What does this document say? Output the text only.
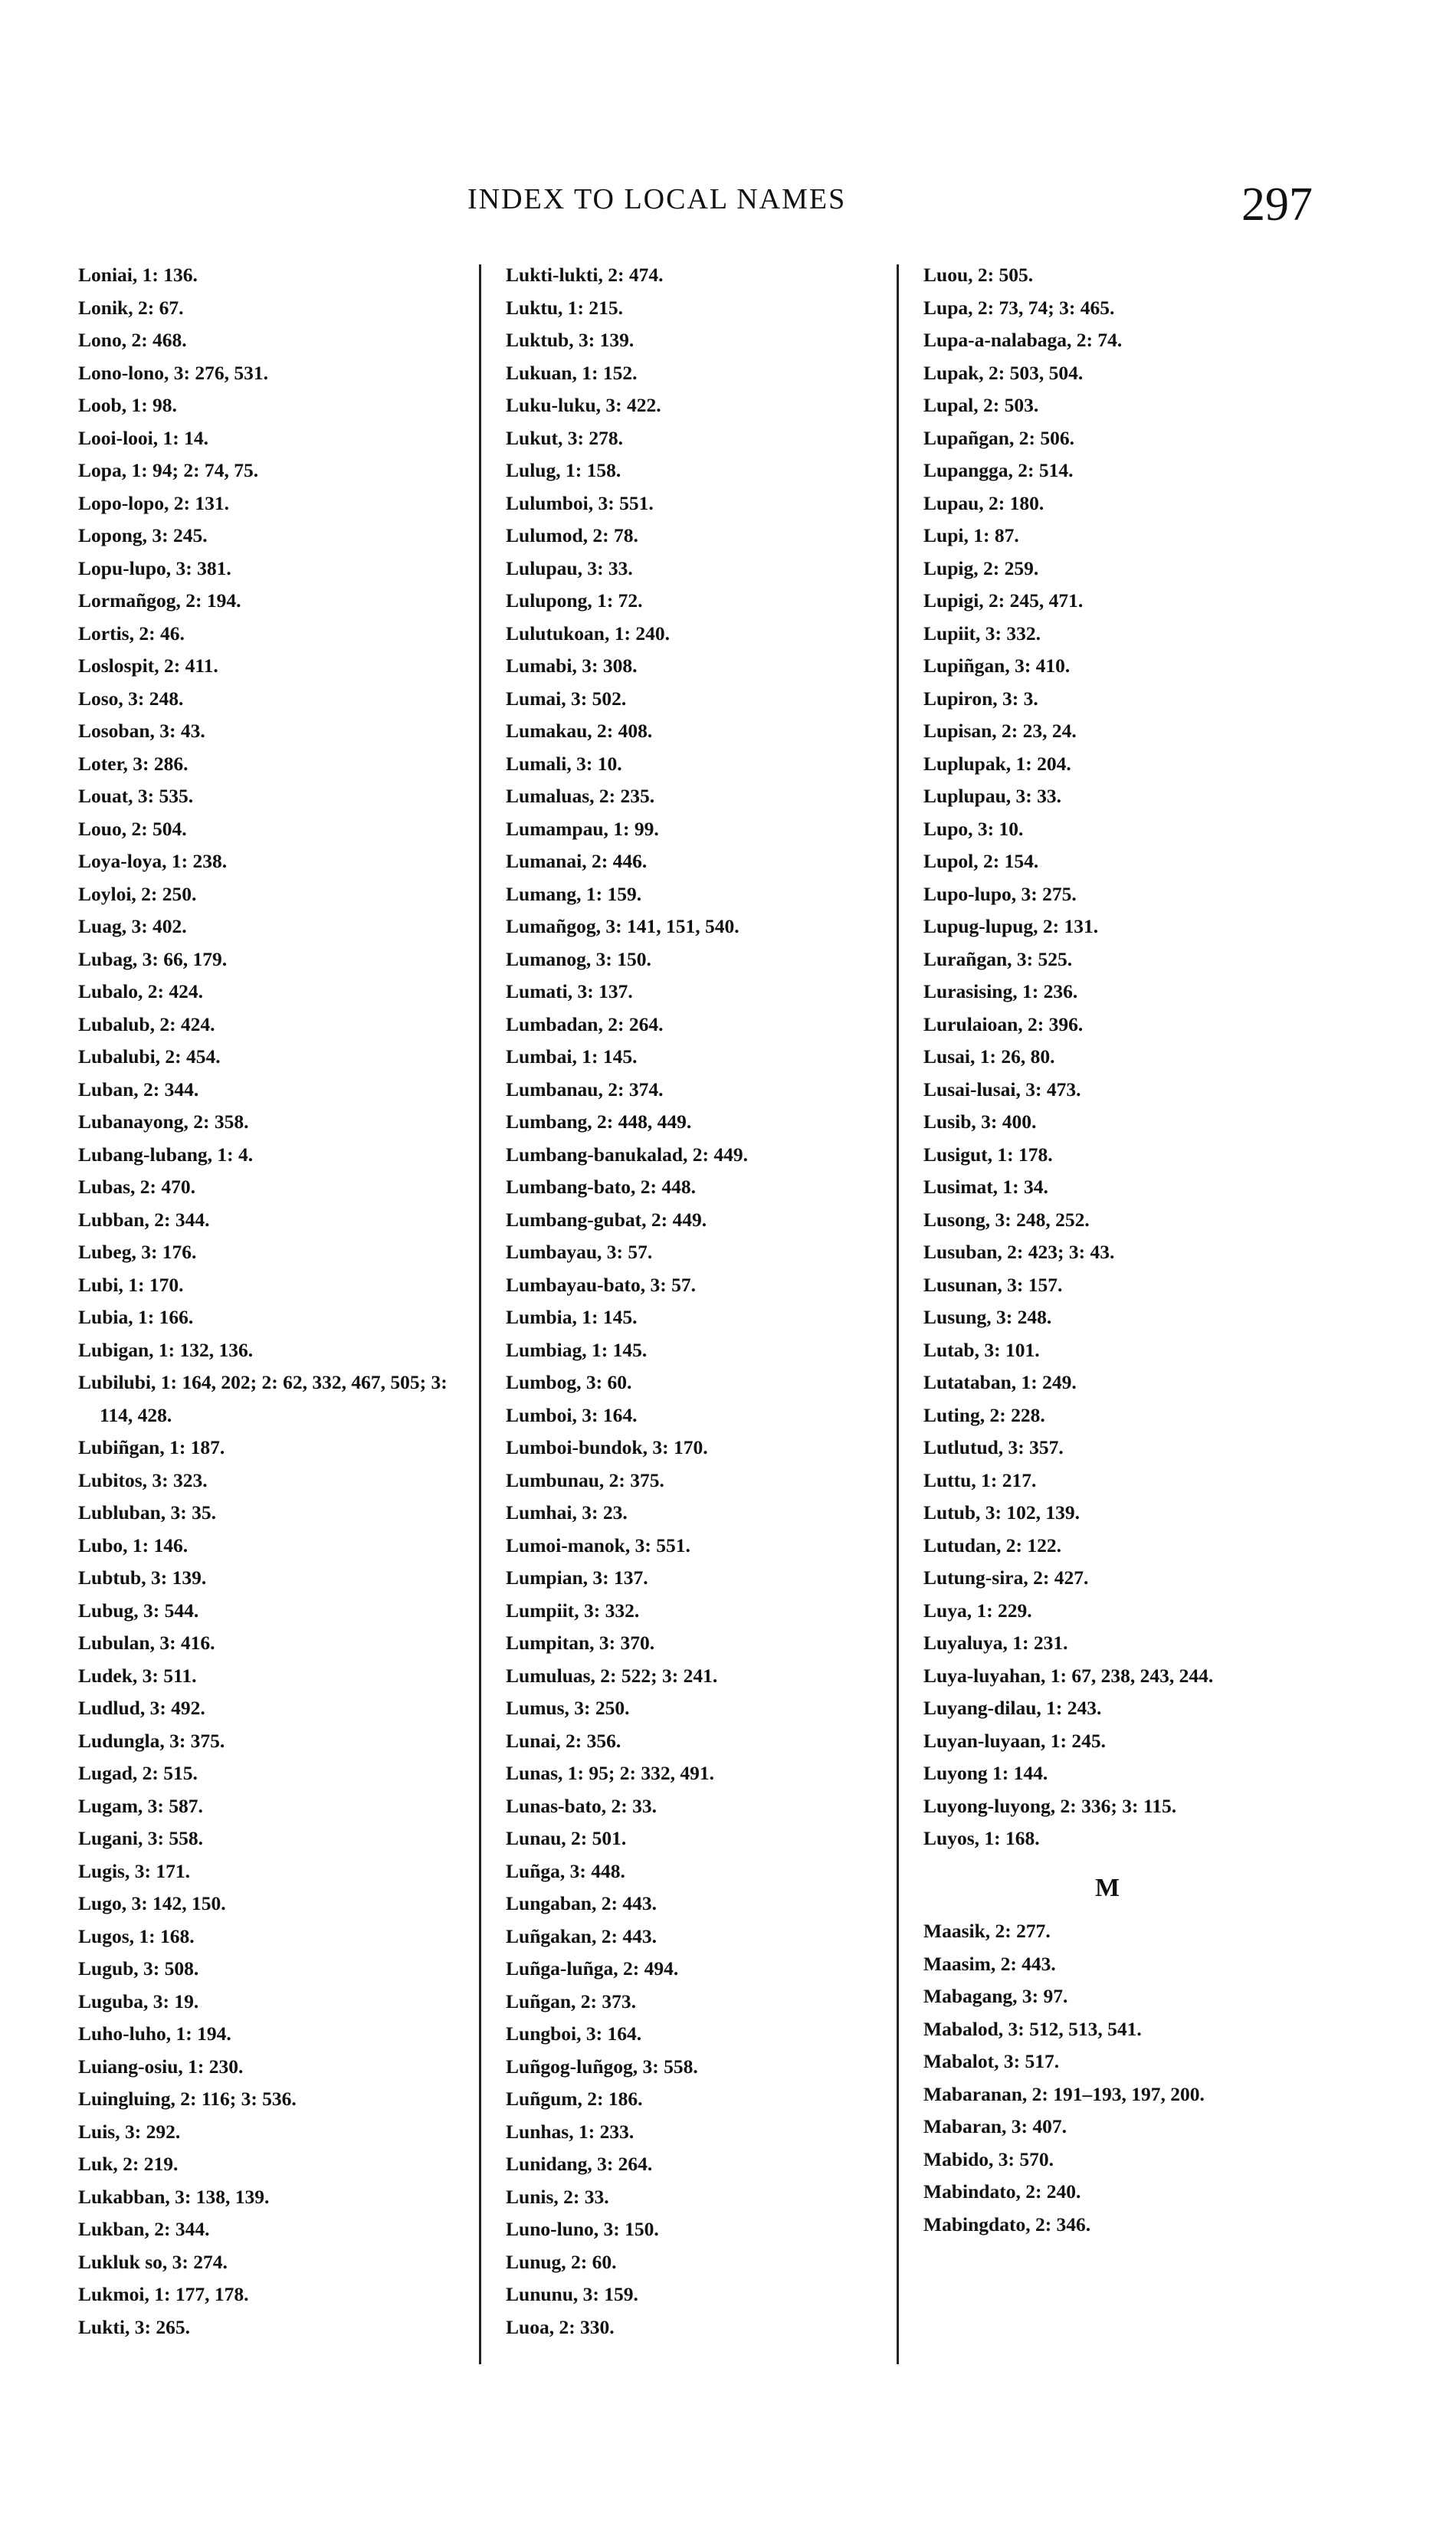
INDEX TO LOCAL NAMES	297
Loniai, 1: 136.
Lonik, 2: 67.
Lono, 2: 468.
Lono-lono, 3: 276, 531.
Loob, 1: 98.
Looi-looi, 1: 14.
Lopa, 1: 94; 2: 74, 75.
Lopo-lopo, 2: 131.
Lopong, 3: 245.
Lopu-lupo, 3: 381.
Lormañgog, 2: 194.
Lortis, 2: 46.
Loslospit, 2: 411.
Loso, 3: 248.
Losoban, 3: 43.
Loter, 3: 286.
Louat, 3: 535.
Louo, 2: 504.
Loya-loya, 1: 238.
Loyloi, 2: 250.
Luag, 3: 402.
Lubag, 3: 66, 179.
Lubalo, 2: 424.
Lubalub, 2: 424.
Lubalubi, 2: 454.
Luban, 2: 344.
Lubanayong, 2: 358.
Lubang-lubang, 1: 4.
Lubas, 2: 470.
Lubban, 2: 344.
Lubeg, 3: 176.
Lubi, 1: 170.
Lubia, 1: 166.
Lubigan, 1: 132, 136.
Lubilubi, 1: 164, 202; 2: 62, 332, 467, 505; 3: 114, 428.
Lubiñgan, 1: 187.
Lubitos, 3: 323.
Lubluban, 3: 35.
Lubo, 1: 146.
Lubtub, 3: 139.
Lubug, 3: 544.
Lubulan, 3: 416.
Ludek, 3: 511.
Ludlud, 3: 492.
Ludungla, 3: 375.
Lugad, 2: 515.
Lugam, 3: 587.
Lugani, 3: 558.
Lugis, 3: 171.
Lugo, 3: 142, 150.
Lugos, 1: 168.
Lugub, 3: 508.
Luguba, 3: 19.
Luho-luho, 1: 194.
Luiang-osiu, 1: 230.
Luingluing, 2: 116; 3: 536.
Luis, 3: 292.
Luk, 2: 219.
Lukabban, 3: 138, 139.
Lukban, 2: 344.
Lukluk so, 3: 274.
Lukmoi, 1: 177, 178.
Lukti, 3: 265.
Lukti-lukti, 2: 474.
Luktu, 1: 215.
Luktub, 3: 139.
Lukuan, 1: 152.
Luku-luku, 3: 422.
Lukut, 3: 278.
Lulug, 1: 158.
Lulumboi, 3: 551.
Lulumod, 2: 78.
Lulupau, 3: 33.
Lulupong, 1: 72.
Lulutukoan, 1: 240.
Lumabi, 3: 308.
Lumai, 3: 502.
Lumakau, 2: 408.
Lumali, 3: 10.
Lumaluas, 2: 235.
Lumampau, 1: 99.
Lumanai, 2: 446.
Lumang, 1: 159.
Lumañgog, 3: 141, 151, 540.
Lumanog, 3: 150.
Lumati, 3: 137.
Lumbadan, 2: 264.
Lumbai, 1: 145.
Lumbanau, 2: 374.
Lumbang, 2: 448, 449.
Lumbang-banukalad, 2: 449.
Lumbang-bato, 2: 448.
Lumbang-gubat, 2: 449.
Lumbayau, 3: 57.
Lumbayau-bato, 3: 57.
Lumbia, 1: 145.
Lumbiag, 1: 145.
Lumbog, 3: 60.
Lumboi, 3: 164.
Lumboi-bundok, 3: 170.
Lumbunau, 2: 375.
Lumhai, 3: 23.
Lumoi-manok, 3: 551.
Lumpian, 3: 137.
Lumpiit, 3: 332.
Lumpitan, 3: 370.
Lumuluas, 2: 522; 3: 241.
Lumus, 3: 250.
Lunai, 2: 356.
Lunas, 1: 95; 2: 332, 491.
Lunas-bato, 2: 33.
Lunau, 2: 501.
Luñga, 3: 448.
Lungaban, 2: 443.
Luñgakan, 2: 443.
Luñga-luñga, 2: 494.
Luñgan, 2: 373.
Lungboi, 3: 164.
Luñgog-luñgog, 3: 558.
Luñgum, 2: 186.
Lunhas, 1: 233.
Lunidang, 3: 264.
Lunis, 2: 33.
Luno-luno, 3: 150.
Lunug, 2: 60.
Lununu, 3: 159.
Luoa, 2: 330.
Luou, 2: 505.
Lupa, 2: 73, 74; 3: 465.
Lupa-a-nalabaga, 2: 74.
Lupak, 2: 503, 504.
Lupal, 2: 503.
Lupañgan, 2: 506.
Lupangga, 2: 514.
Lupau, 2: 180.
Lupi, 1: 87.
Lupig, 2: 259.
Lupigi, 2: 245, 471.
Lupiit, 3: 332.
Lupiñgan, 3: 410.
Lupiron, 3: 3.
Lupisan, 2: 23, 24.
Luplupak, 1: 204.
Luplupau, 3: 33.
Lupo, 3: 10.
Lupol, 2: 154.
Lupo-lupo, 3: 275.
Lupug-lupug, 2: 131.
Lurañgan, 3: 525.
Lurasising, 1: 236.
Lurulaioan, 2: 396.
Lusai, 1: 26, 80.
Lusai-lusai, 3: 473.
Lusib, 3: 400.
Lusigut, 1: 178.
Lusimat, 1: 34.
Lusong, 3: 248, 252.
Lusuban, 2: 423; 3: 43.
Lusunan, 3: 157.
Lusung, 3: 248.
Lutab, 3: 101.
Lutataban, 1: 249.
Luting, 2: 228.
Lutlutud, 3: 357.
Luttu, 1: 217.
Lutub, 3: 102, 139.
Lutudan, 2: 122.
Lutung-sira, 2: 427.
Luya, 1: 229.
Luyaluya, 1: 231.
Luya-luyahan, 1: 67, 238, 243, 244.
Luyang-dilau, 1: 243.
Luyan-luyaan, 1: 245.
Luyong 1: 144.
Luyong-luyong, 2: 336; 3: 115.
Luyos, 1: 168.
M
Maasik, 2: 277.
Maasim, 2: 443.
Mabagang, 3: 97.
Mabalod, 3: 512, 513, 541.
Mabalot, 3: 517.
Mabaranan, 2: 191–193, 197, 200.
Mabaran, 3: 407.
Mabido, 3: 570.
Mabindato, 2: 240.
Mabingdato, 2: 346.
